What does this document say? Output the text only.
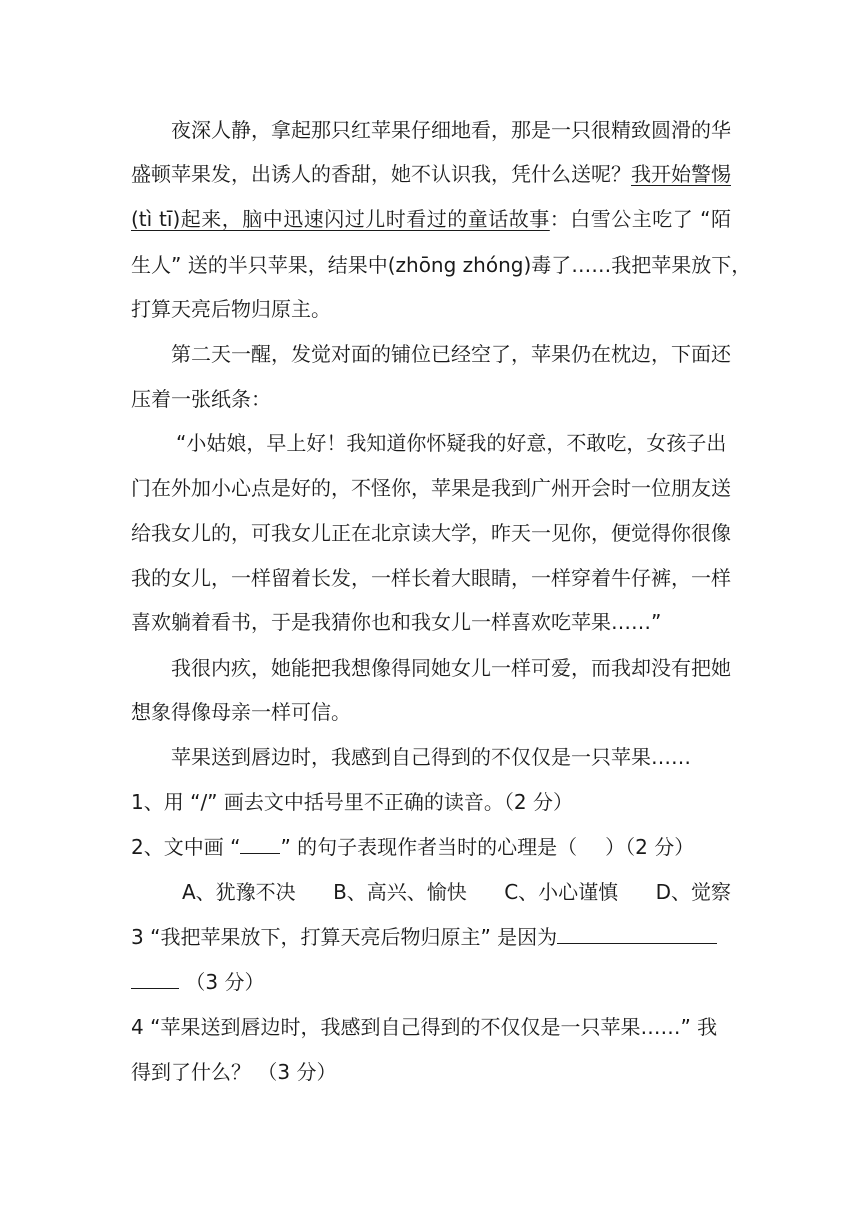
夜深人静，拿起那只红苹果仔细地看，那是一只很精致圆滑的华
盛顿苹果发，出诱人的香甜，她不认识我，凭什么送呢？我开始警惕
(tì tī)起来，脑中迅速闪过儿时看过的童话故事：白雪公主吃了 “陌
生人” 送的半只苹果，结果中(zhōng zhóng)毒了……我把苹果放下，
打算天亮后物归原主。
第二天一醒，发觉对面的铺位已经空了，苹果仍在枕边，下面还
压着一张纸条：
“小姑娘，早上好！我知道你怀疑我的好意，不敢吃，女孩子出
门在外加小心点是好的，不怪你，苹果是我到广州开会时一位朋友送
给我女儿的，可我女儿正在北京读大学，昨天一见你，便觉得你很像
我的女儿，一样留着长发，一样长着大眼睛，一样穿着牛仔裤，一样
喜欢躺着看书，于是我猜你也和我女儿一样喜欢吃苹果……”
我很内疚，她能把我想像得同她女儿一样可爱，而我却没有把她
想象得像母亲一样可信。
苹果送到唇边时，我感到自己得到的不仅仅是一只苹果……
1、用 “/” 画去文中括号里不正确的读音。（2 分）
2、文中画 “ ” 的句子表现作者当时的心理是（ ）（2 分）
A、犹豫不决 B、高兴、愉快 C、小心谨慎 D、觉察
3 “我把苹果放下，打算天亮后物归原主” 是因为
（3 分）
4 “苹果送到唇边时，我感到自己得到的不仅仅是一只苹果……” 我
得到了什么？ （3 分）
